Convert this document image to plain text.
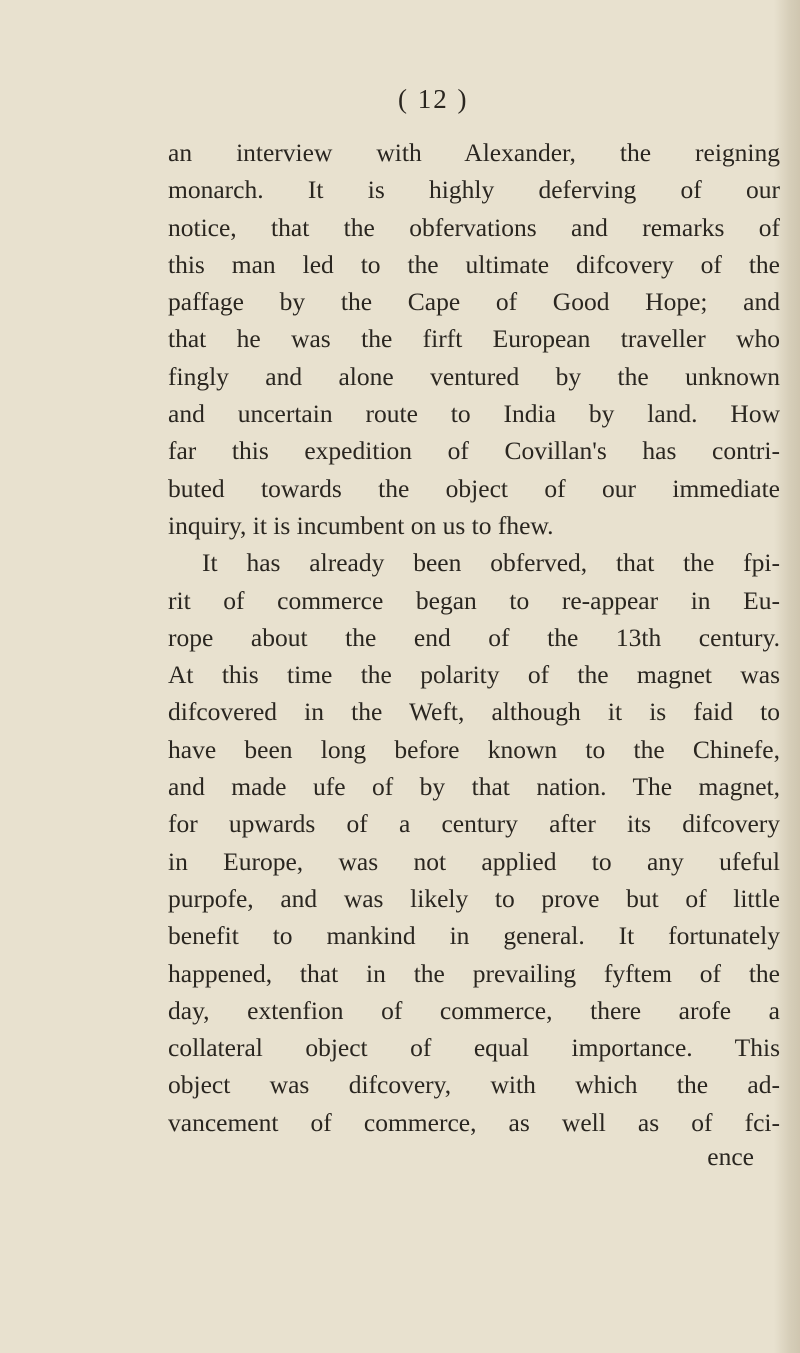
( 12 )
an interview with Alexander, the reigning
monarch. It is highly deferving of our
notice, that the obfervations and remarks of
this man led to the ultimate difcovery of the
paffage by the Cape of Good Hope; and
that he was the firft European traveller who
fingly and alone ventured by the unknown
and uncertain route to India by land. How
far this expedition of Covillan's has contri-
buted towards the object of our immediate
inquiry, it is incumbent on us to fhew.
It has already been obferved, that the fpi-
rit of commerce began to re-appear in Eu-
rope about the end of the 13th century.
At this time the polarity of the magnet was
difcovered in the Weft, although it is faid to
have been long before known to the Chinefe,
and made ufe of by that nation. The magnet,
for upwards of a century after its difcovery
in Europe, was not applied to any ufeful
purpofe, and was likely to prove but of little
benefit to mankind in general. It fortunately
happened, that in the prevailing fyftem of the
day, extenfion of commerce, there arofe a
collateral object of equal importance. This
object was difcovery, with which the ad-
vancement of commerce, as well as of fci-
ence
